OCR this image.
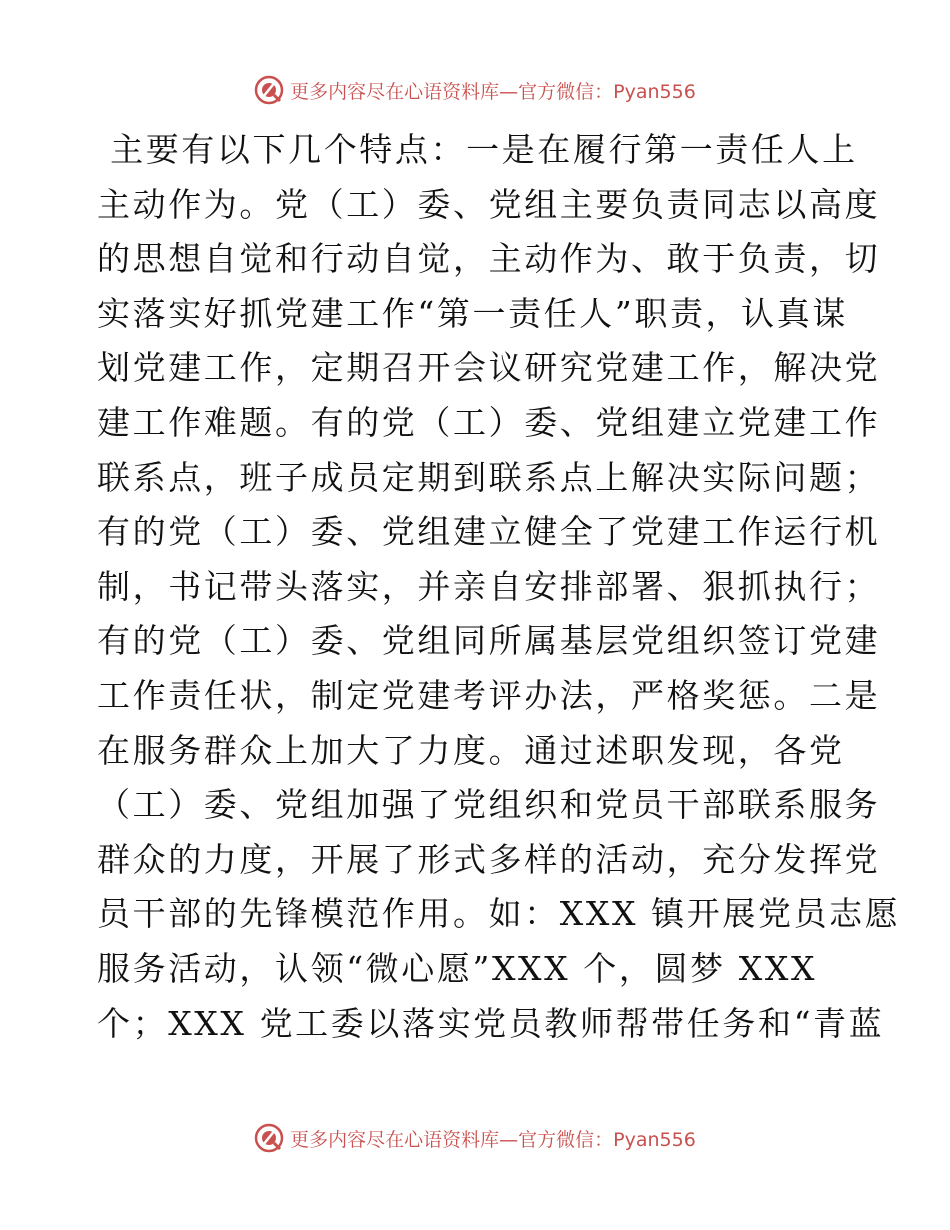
更多内容尽在心语资料库—官方微信：Pyan556
主要有以下几个特点：一是在履行第一责任人上
主动作为。党（工）委、党组主要负责同志以高度
的思想自觉和行动自觉，主动作为、敢于负责，切
实落实好抓党建工作“第一责任人”职责，认真谋
划党建工作，定期召开会议研究党建工作，解决党
建工作难题。有的党（工）委、党组建立党建工作
联系点，班子成员定期到联系点上解决实际问题；
有的党（工）委、党组建立健全了党建工作运行机
制，书记带头落实，并亲自安排部署、狠抓执行；
有的党（工）委、党组同所属基层党组织签订党建
工作责任状，制定党建考评办法，严格奖惩。二是
在服务群众上加大了力度。通过述职发现，各党
（工）委、党组加强了党组织和党员干部联系服务
群众的力度，开展了形式多样的活动，充分发挥党
员干部的先锋模范作用。如：XXX 镇开展党员志愿
服务活动，认领“微心愿”XXX 个，圆梦 XXX
个；XXX 党工委以落实党员教师帮带任务和“青蓝
更多内容尽在心语资料库—官方微信：Pyan556
